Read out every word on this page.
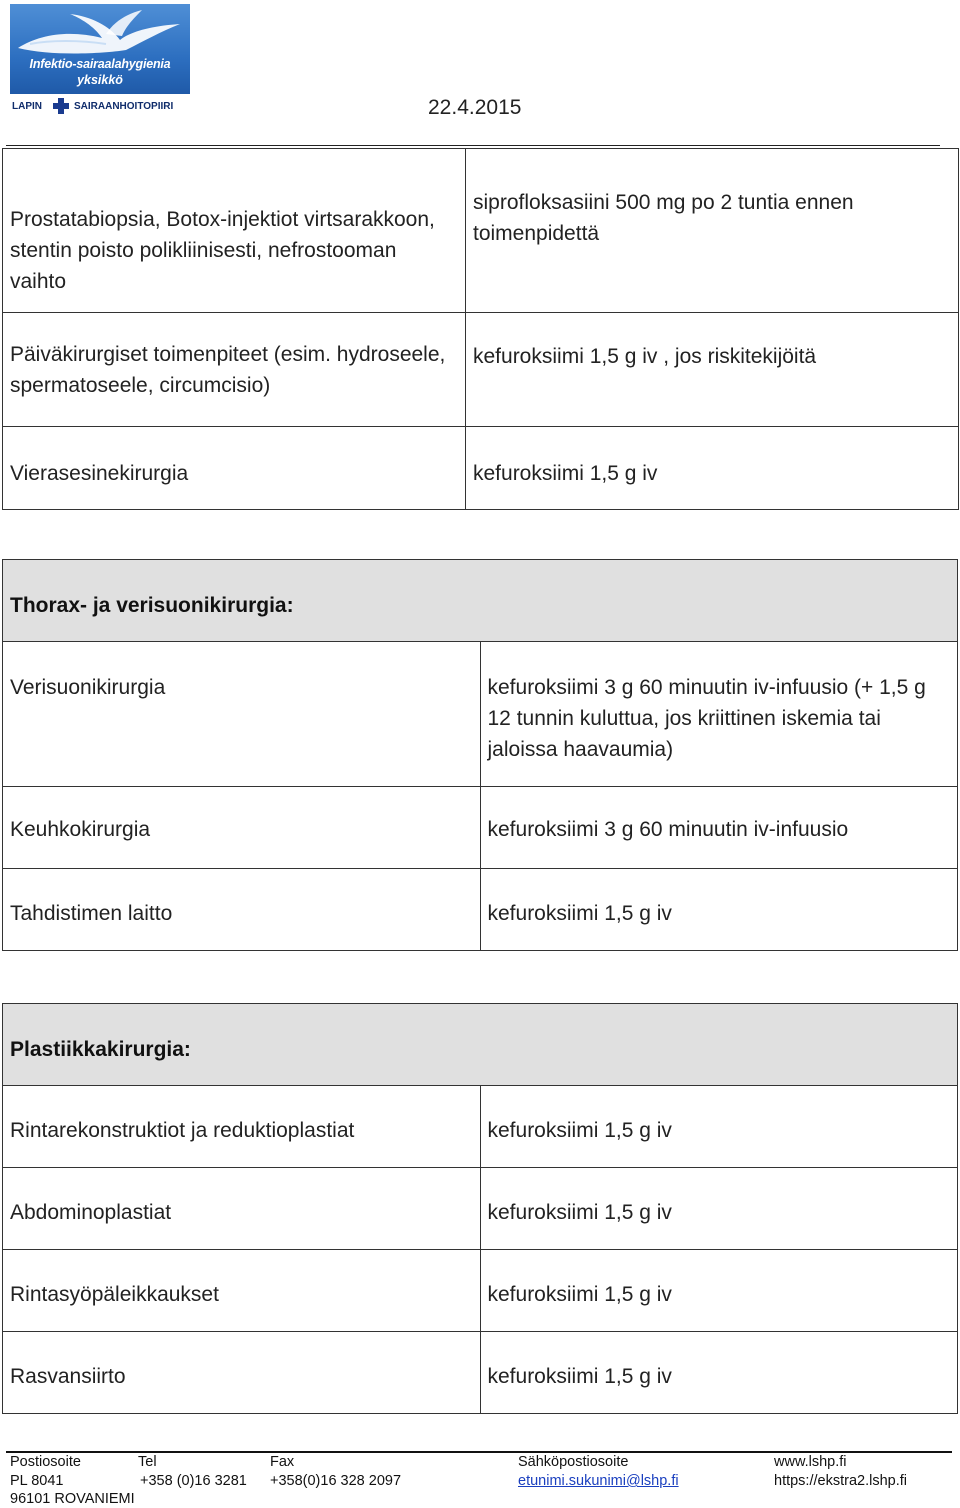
Infektio-sairaalahygienia
yksikkö
LAPIN	SAIRAANHOITOPIIRI	22.4.2015
Prostatabiopsia, Botox-injektiot virtsarakkoon, stentin poisto polikliinisesti, nefrostooman vaihto	siprofloksasiini 500 mg po 2 tuntia ennen toimenpidettä
Päiväkirurgiset toimenpiteet (esim. hydroseele, spermatoseele, circumcisio)	kefuroksiimi 1,5 g iv , jos riskitekijöitä
Vierasesinekirurgia	kefuroksiimi 1,5 g iv
Thorax- ja verisuonikirurgia:	
Verisuonikirurgia	kefuroksiimi 3 g 60 minuutin iv-infuusio (+ 1,5 g 12 tunnin kuluttua, jos kriittinen iskemia tai jaloissa haavaumia)
Keuhkokirurgia	kefuroksiimi 3 g 60 minuutin iv-infuusio
Tahdistimen laitto	kefuroksiimi 1,5 g iv
Plastiikkakirurgia:	
Rintarekonstruktiot ja reduktioplastiat	kefuroksiimi 1,5 g iv
Abdominoplastiat	kefuroksiimi 1,5 g iv
Rintasyöpäleikkaukset	kefuroksiimi 1,5 g iv
Rasvansiirto	kefuroksiimi 1,5 g iv
Postiosoite
PL 8041
96101 ROVANIEMI
Tel
+358 (0)16 3281
Fax
+358(0)16 328 2097
Sähköpostiosoite
etunimi.sukunimi@lshp.fi
www.lshp.fi
https://ekstra2.lshp.fi
